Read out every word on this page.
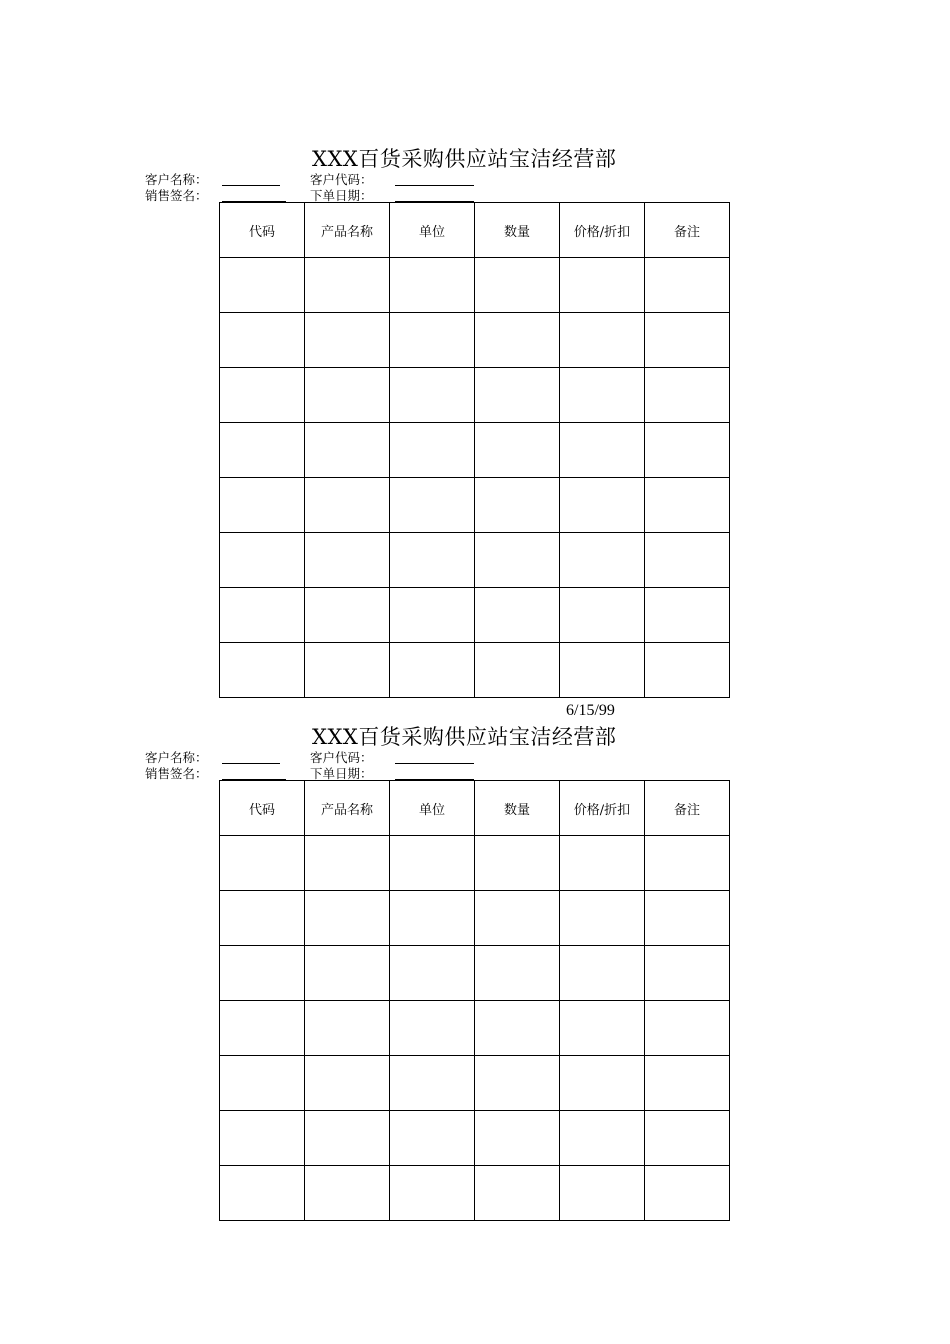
XXX百货采购供应站宝洁经营部
客户名称：	客户代码：
销售签名：	下单日期：
代码	产品名称	单位	数量	价格/折扣	备注

6/15/99
XXX百货采购供应站宝洁经营部
客户名称：	客户代码：
销售签名：	下单日期：
代码	产品名称	单位	数量	价格/折扣	备注
